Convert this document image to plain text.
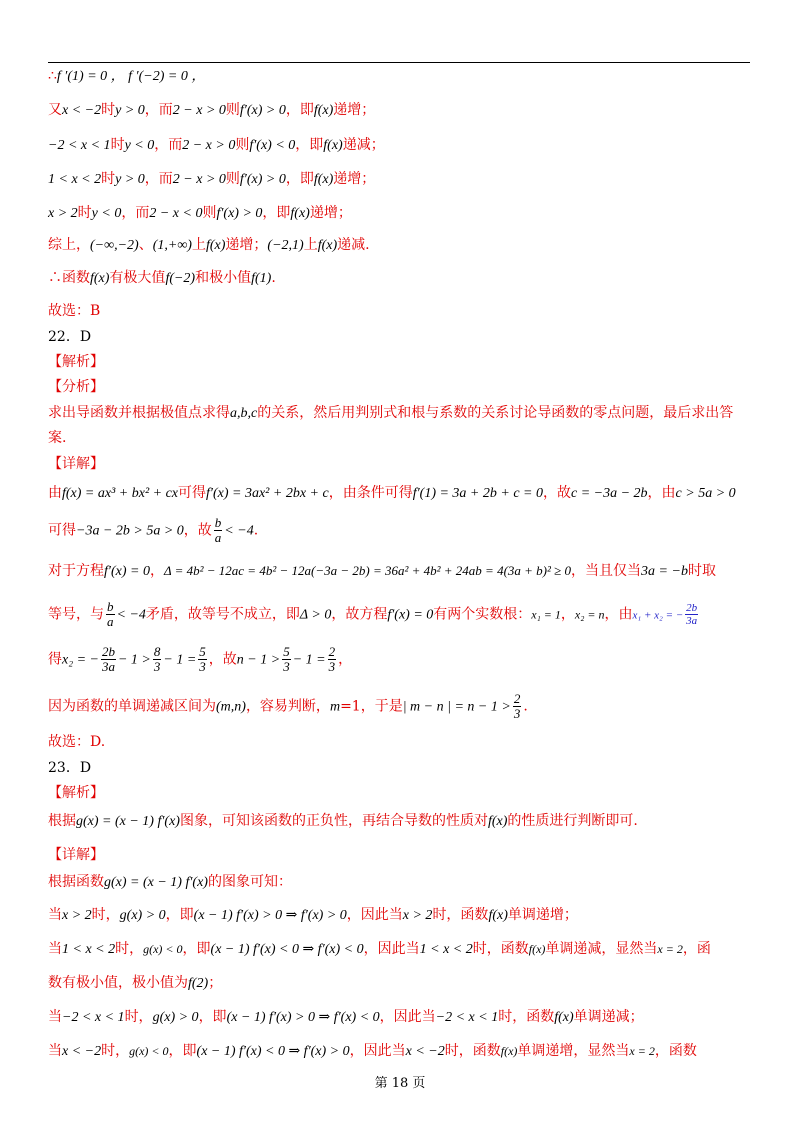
∴f ′(1) = 0 ， f ′(−2) = 0 ，
又x < −2时y > 0，而2 − x > 0则f′(x) > 0，即f(x)递增；
−2 < x < 1时y < 0，而2 − x > 0则f′(x) < 0，即f(x)递减；
1 < x < 2时y > 0，而2 − x > 0则f′(x) > 0，即f(x)递增；
x > 2时y < 0，而2 − x < 0则f′(x) > 0，即f(x)递增；
综上，(−∞,−2)、(1,+∞)上f(x)递增；(−2,1)上f(x)递减.
∴函数f(x)有极大值f(−2)和极小值f(1).
故选：B
22．D
【解析】
【分析】
求出导函数并根据极值点求得a,b,c的关系，然后用判别式和根与系数的关系讨论导函数的零点问题，最后求出答
案.
【详解】
由f(x) = ax³ + bx² + cx可得f′(x) = 3ax² + 2bx + c，由条件可得f′(1) = 3a + 2b + c = 0，故c = −3a − 2b，由c > 5a > 0
可得−3a − 2b > 5a > 0，故 $\frac{b}{a} < -4$.
对于方程f′(x) = 0，Δ = 4b² − 12ac = 4b² − 12a(−3a − 2b) = 36a² + 4b² + 24ab = 4(3a + b)² ≥ 0，当且仅当3a = −b时取
等号，与 $\frac{b}{a} < -4$矛盾，故等号不成立，即Δ > 0，故方程f′(x) = 0有两个实数根：x₁ = 1，x₂ = n，由x₁ + x₂ = − $\frac{2b}{3a}$
得x₂ = − $\frac{2b}{3a} - 1 > \frac{8}{3} - 1 = \frac{5}{3}$ ，故$n - 1 > \frac{5}{3} - 1 = \frac{2}{3}$ ，
因为函数的单调递减区间为(m,n)，容易判断，m=1，于是| m − n | = $n - 1 > \frac{2}{3}$ .
故选：D.
23．D
【解析】
根据g(x) = (x − 1) f′(x)图象，可知该函数的正负性，再结合导数的性质对f(x)的性质进行判断即可.
【详解】
根据函数g(x) = (x − 1) f′(x)的图象可知：
当x > 2时，g(x) > 0，即(x − 1) f′(x) > 0 ⇒ f′(x) > 0，因此当x > 2时，函数f(x)单调递增；
当1 < x < 2时，g(x) < 0，即(x − 1) f′(x) < 0 ⇒ f′(x) < 0，因此当1 < x < 2时，函数f(x)单调递减，显然当x = 2，函
数有极小值，极小值为f(2)；
当−2 < x < 1时，g(x) > 0，即(x − 1) f′(x) > 0 ⇒ f′(x) < 0，因此当−2 < x < 1时，函数f(x)单调递减；
当x < −2时，g(x) < 0，即(x − 1) f′(x) < 0 ⇒ f′(x) > 0，因此当x < −2时，函数f(x)单调递增，显然当x = 2，函数
第 18 页
